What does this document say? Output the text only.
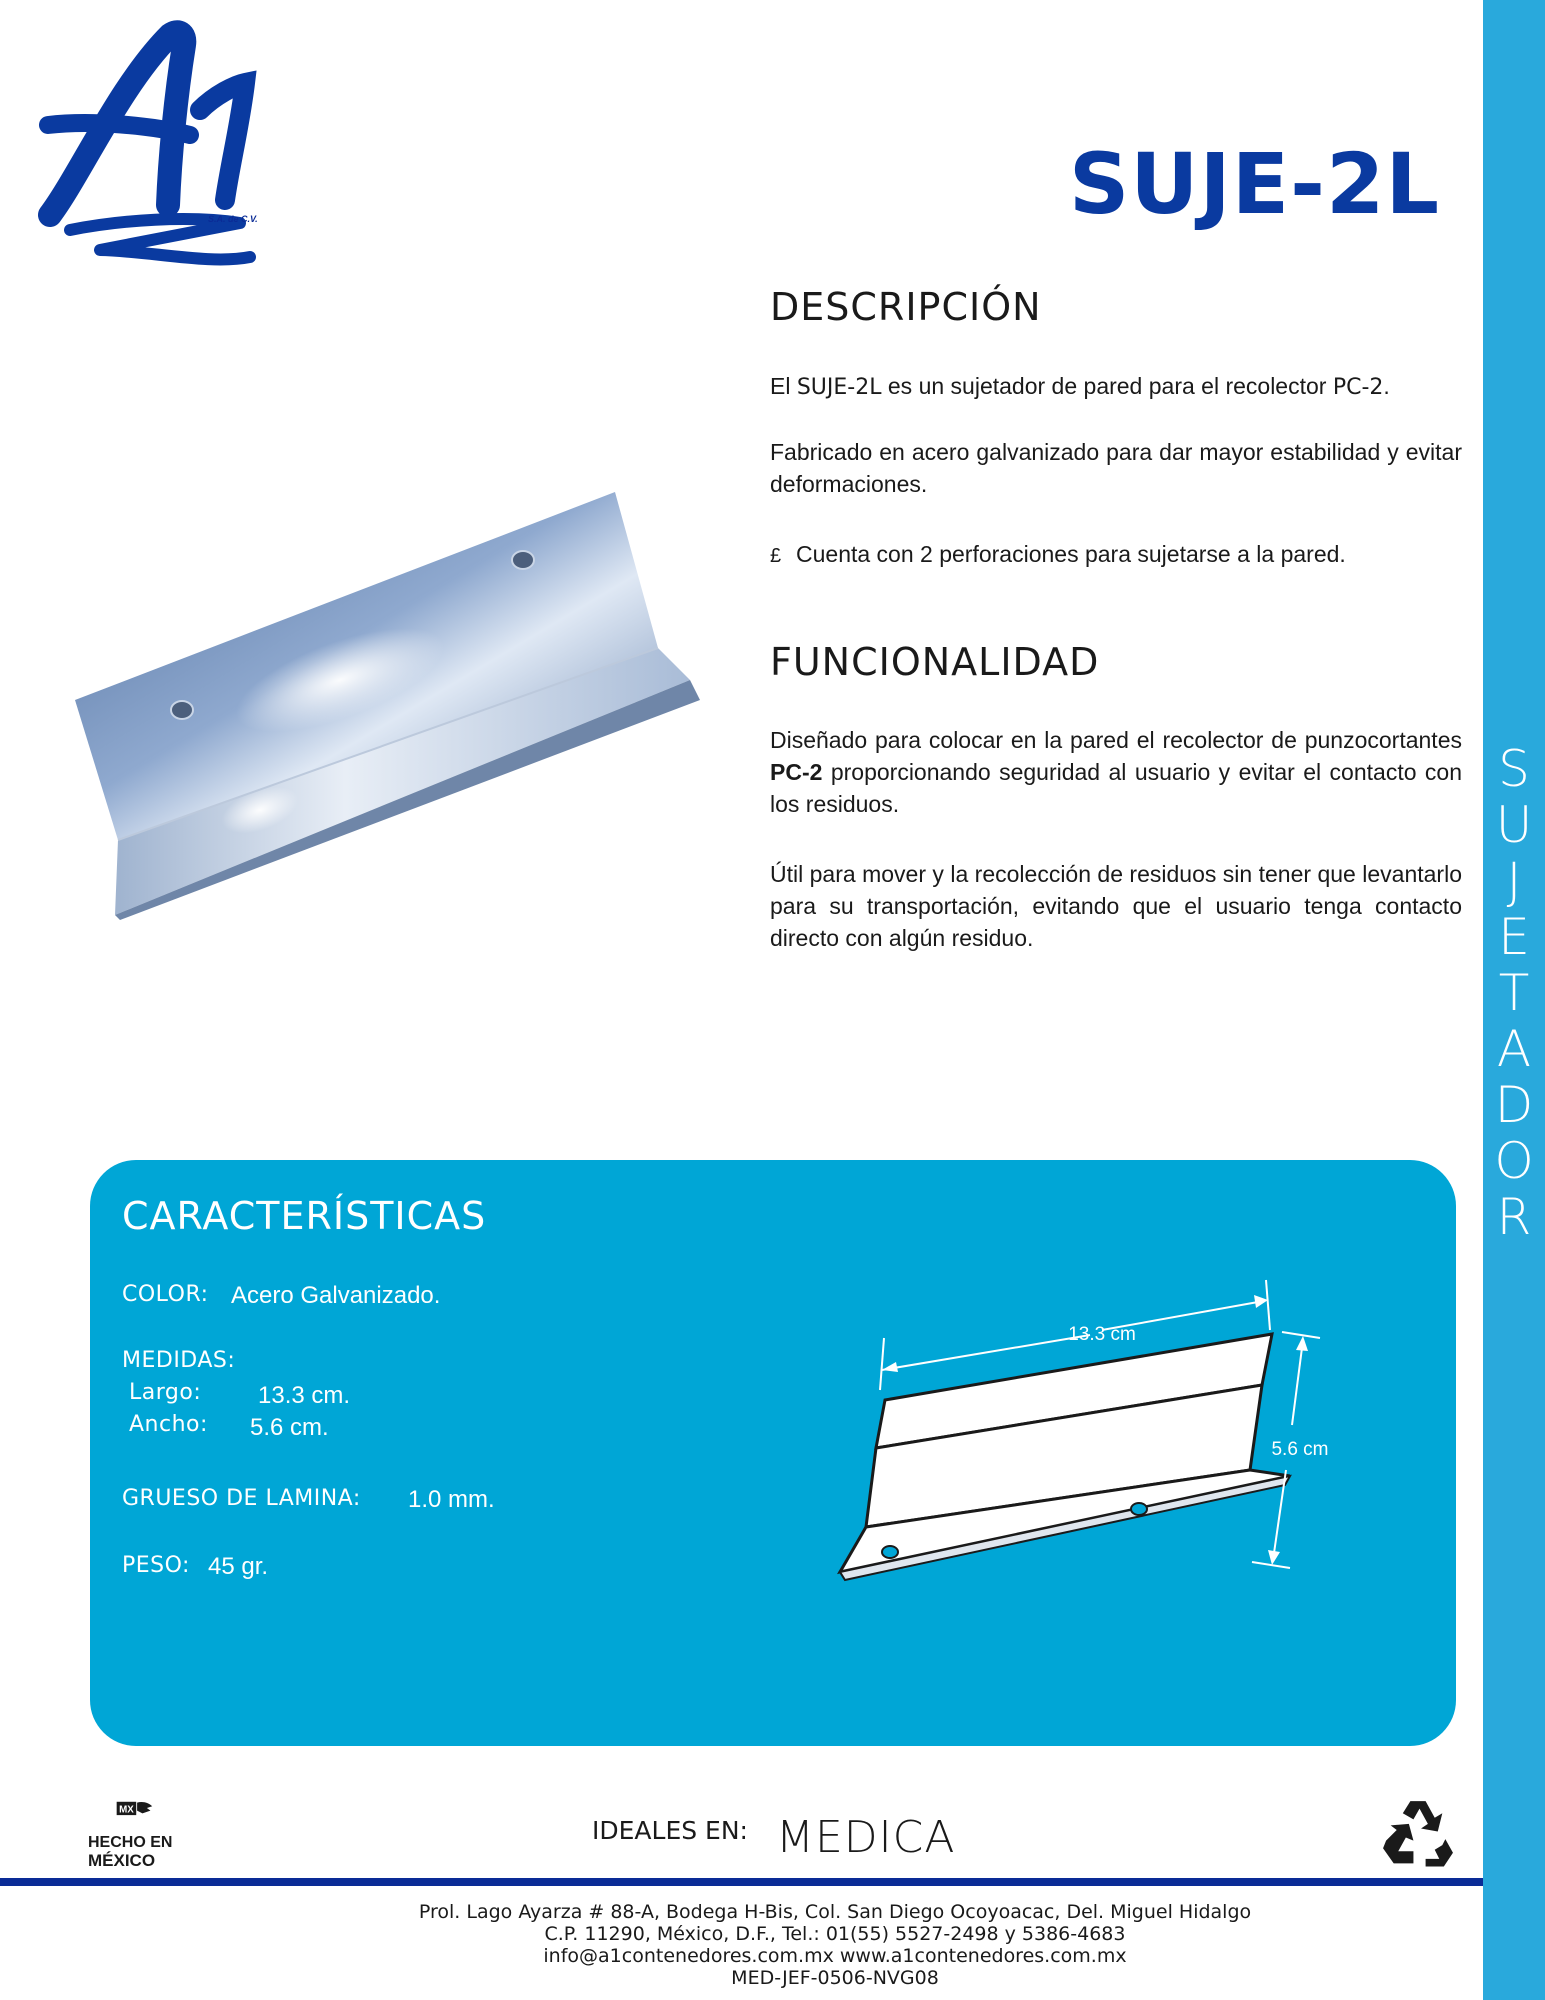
S
U
J
E
T
A
D
O
R
S.A. de C.V.	SUJE-2L
DESCRIPCIÓN
El SUJE-2L es un sujetador de pared para el recolector PC-2.
Fabricado en acero galvanizado para dar mayor estabilidad y evitar deformaciones.
£ Cuenta con 2 perforaciones para sujetarse a la pared.
FUNCIONALIDAD
Diseñado para colocar en la pared el recolector de punzocortantes PC-2 proporcionando seguridad al usuario y evitar el contacto con los residuos.
Útil para mover y la recolección de residuos sin tener que levantarlo para su transportación, evitando que el usuario tenga contacto directo con algún residuo.
CARACTERÍSTICAS
COLOR: Acero Galvanizado.
MEDIDAS:
Largo: 13.3 cm.
Ancho: 5.6 cm.
GRUESO DE LAMINA: 1.0 mm.
PESO: 45 gr.
13.3 cm
5.6 cm
MX
HECHO EN
MÉXICO
IDEALES EN: MEDICA
Prol. Lago Ayarza # 88-A, Bodega H-Bis, Col. San Diego Ocoyoacac, Del. Miguel Hidalgo
C.P. 11290, México, D.F., Tel.: 01(55) 5527-2498 y 5386-4683
info@a1contenedores.com.mx www.a1contenedores.com.mx
MED-JEF-0506-NVG08
